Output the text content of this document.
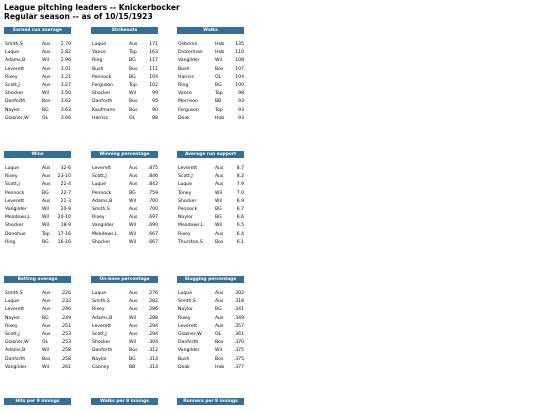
League pitching leaders -- Knickerbocker
Regular season -- as of 10/15/1923
Earned run average
Smith,S	Aus 2.79
Luque	Aus 2.82
Adams,B	Wil	2.96
Leverett	Aus 3.01
Rixey	Aus 3.21
Scott,J	Aus 3.27
Shocker	Wil	3.50
Danforth	Bos 3.62
Naylor	BG	3.63
Glazner,W	OL	3.66
Strikeouts
Luque	Aus	171
Vance	Top	163
Ring	BG	117
Bush	Bos	111
Pennock	BG	104
Ferguson	Top	102
Shocker	Wil	99
Danforth	Bos	95
Kaufmann	Bos	90
Harriss	OL	88
Walks
Osborne	Hob 135
Dickerman	Hob 110
Vangilder	Wil	108
Bush	Bos	107
Harriss	OL	104
Ring	BG	100
Vance	Top	98
Morrison	BB	93
Ferguson	Top	93
Doak	Hob	93
Wins
Luque	Aus 32-6
Rixey	Aus 23-10
Scott,J	Aus 22-4
Pennock	BG	22-7
Leverett	Aus 21-3
Vangilder	Wil	20-9
Meadows,L Wil 20-10
Shocker	Wil	18-9
Donohue	Top 17-16
Ring	BG 16-16
Winning percentage
Leverett	Aus .875
Scott,J	Aus .846
Luque	Aus .842
Pennock	BG	.759
Adams,B	Wil	.700
Smith,S	Aus .700
Rixey	Aus .697
Vangilder	Wil	.690
Meadows,L Wil	.667
Shocker	Wil	.667
Average run support
Leverett	Aus	8.7
Scott,J	Aus	8.2
Luque	Aus	7.9
Toney	Wil	7.0
Shocker	Wil	6.9
Pennock	BG	6.7
Naylor	BG	6.6
Meadows,L Wil	6.5
Rixey	Aus	6.4
Thurston,S	Bos	6.1
Batting average
Smith,S	Aus .226
Luque	Aus .232
Leverett	Aus .246
Naylor	BG	.249
Rixey	Aus .251
Scott,J	Aus .253
Glazner,W	OL	.253
Adams,B	Wil	.258
Danforth	Bos .258
Vangilder	Wil	.261
On-base percentage
Luque	Aus .276
Smith,S	Aus .282
Rixey	Aus .286
Adams,B	Wil	.288
Leverett	Aus .294
Scott,J	Aus .294
Shocker	Wil	.304
Danforth	Bos .312
Naylor	BG	.314
Cooney	BB	.314
Slugging percentage
Luque	Aus .302
Smith,S	Aus .318
Naylor	BG	.341
Rixey	Aus .349
Leverett	Aus .357
Glazner,W	OL	.361
Danforth	Bos .370
Vangilder	Wil	.375
Bush	Bos .375
Doak	Hob .377
Hits per 9 innings	Walks per 9 innings	Runners per 9 innings
